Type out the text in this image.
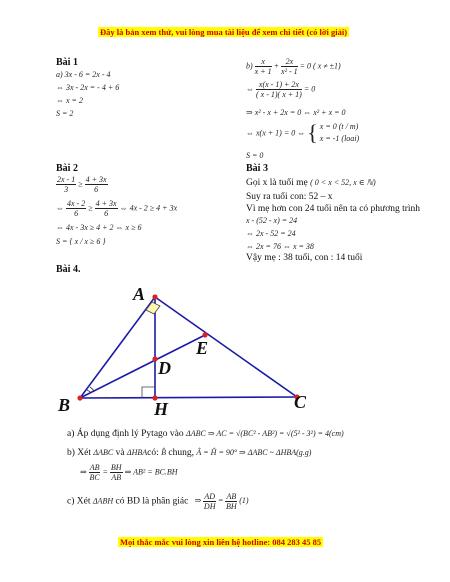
Đây là bản xem thử, vui lòng mua tài liệu để xem chi tiết (có lời giải)
Bài 1
a) 3x - 6 = 2x - 4
⇔ 3x - 2x = - 4 + 6
⇔ x = 2
S = 2
$b) \frac{x}{x + 1} + \frac{2x}{\text{x² - 1}} = 0$ ( x ≠ ±1)
⇔ $\frac{x(x - 1) + 2x}{( x - 1)( x + 1)} = 0$
⇒ x² - x + 2x = 0 ⇔ x² + x = 0
⇔ x(x + 1) = 0 ⇔ { x = 0 (t / m)
x = -1 (loai)
S = 0
Bài 2
$\frac{2x - 1}{3} \ge \frac{4 + 3x}{6}$
⇔ $\frac{4x - 2}{6} \ge \frac{4 + 3x}{6}$ ⇔ 4x - 2 ≥ 4 + 3x
⇔ 4x - 3x ≥ 4 + 2 ⇔ x ≥ 6
S = { x / x ≥ 6 }
Bài 3
Gọi x là tuổi mẹ ( 0 < x < 52, x ∈ ℕ)
Suy ra tuổi con: 52 – x
Vì mẹ hơn con 24 tuổi nên ta có phương trình
x - (52 - x) = 24
⇔ 2x - 52 = 24
⇔ 2x = 76 ⇔ x = 38
Vậy mẹ : 38 tuổi, con : 14 tuổi
Bài 4.
A
B	C
D
E
H
a) Áp dụng định lý Pytago vào ΔABC ⇒ AC = √(BC² - AB²) = √(5² - 3²) = 4(cm)
b) Xét ΔABC và ΔHBAcó: B̂ chung, Â = Ĥ = 90° ⇒ ΔABC ~ ΔHBA(g.g)
⇒ $\frac{AB}{BC} = \frac{BH}{AB}$ ⇒ AB² = BC.BH
c) Xét ΔABH có BD là phân giác ⇒ $\frac{AD}{DH} = \frac{AB}{BH} (1)$
Mọi thắc mắc vui lòng xin liên hệ hotline: 084 283 45 85
